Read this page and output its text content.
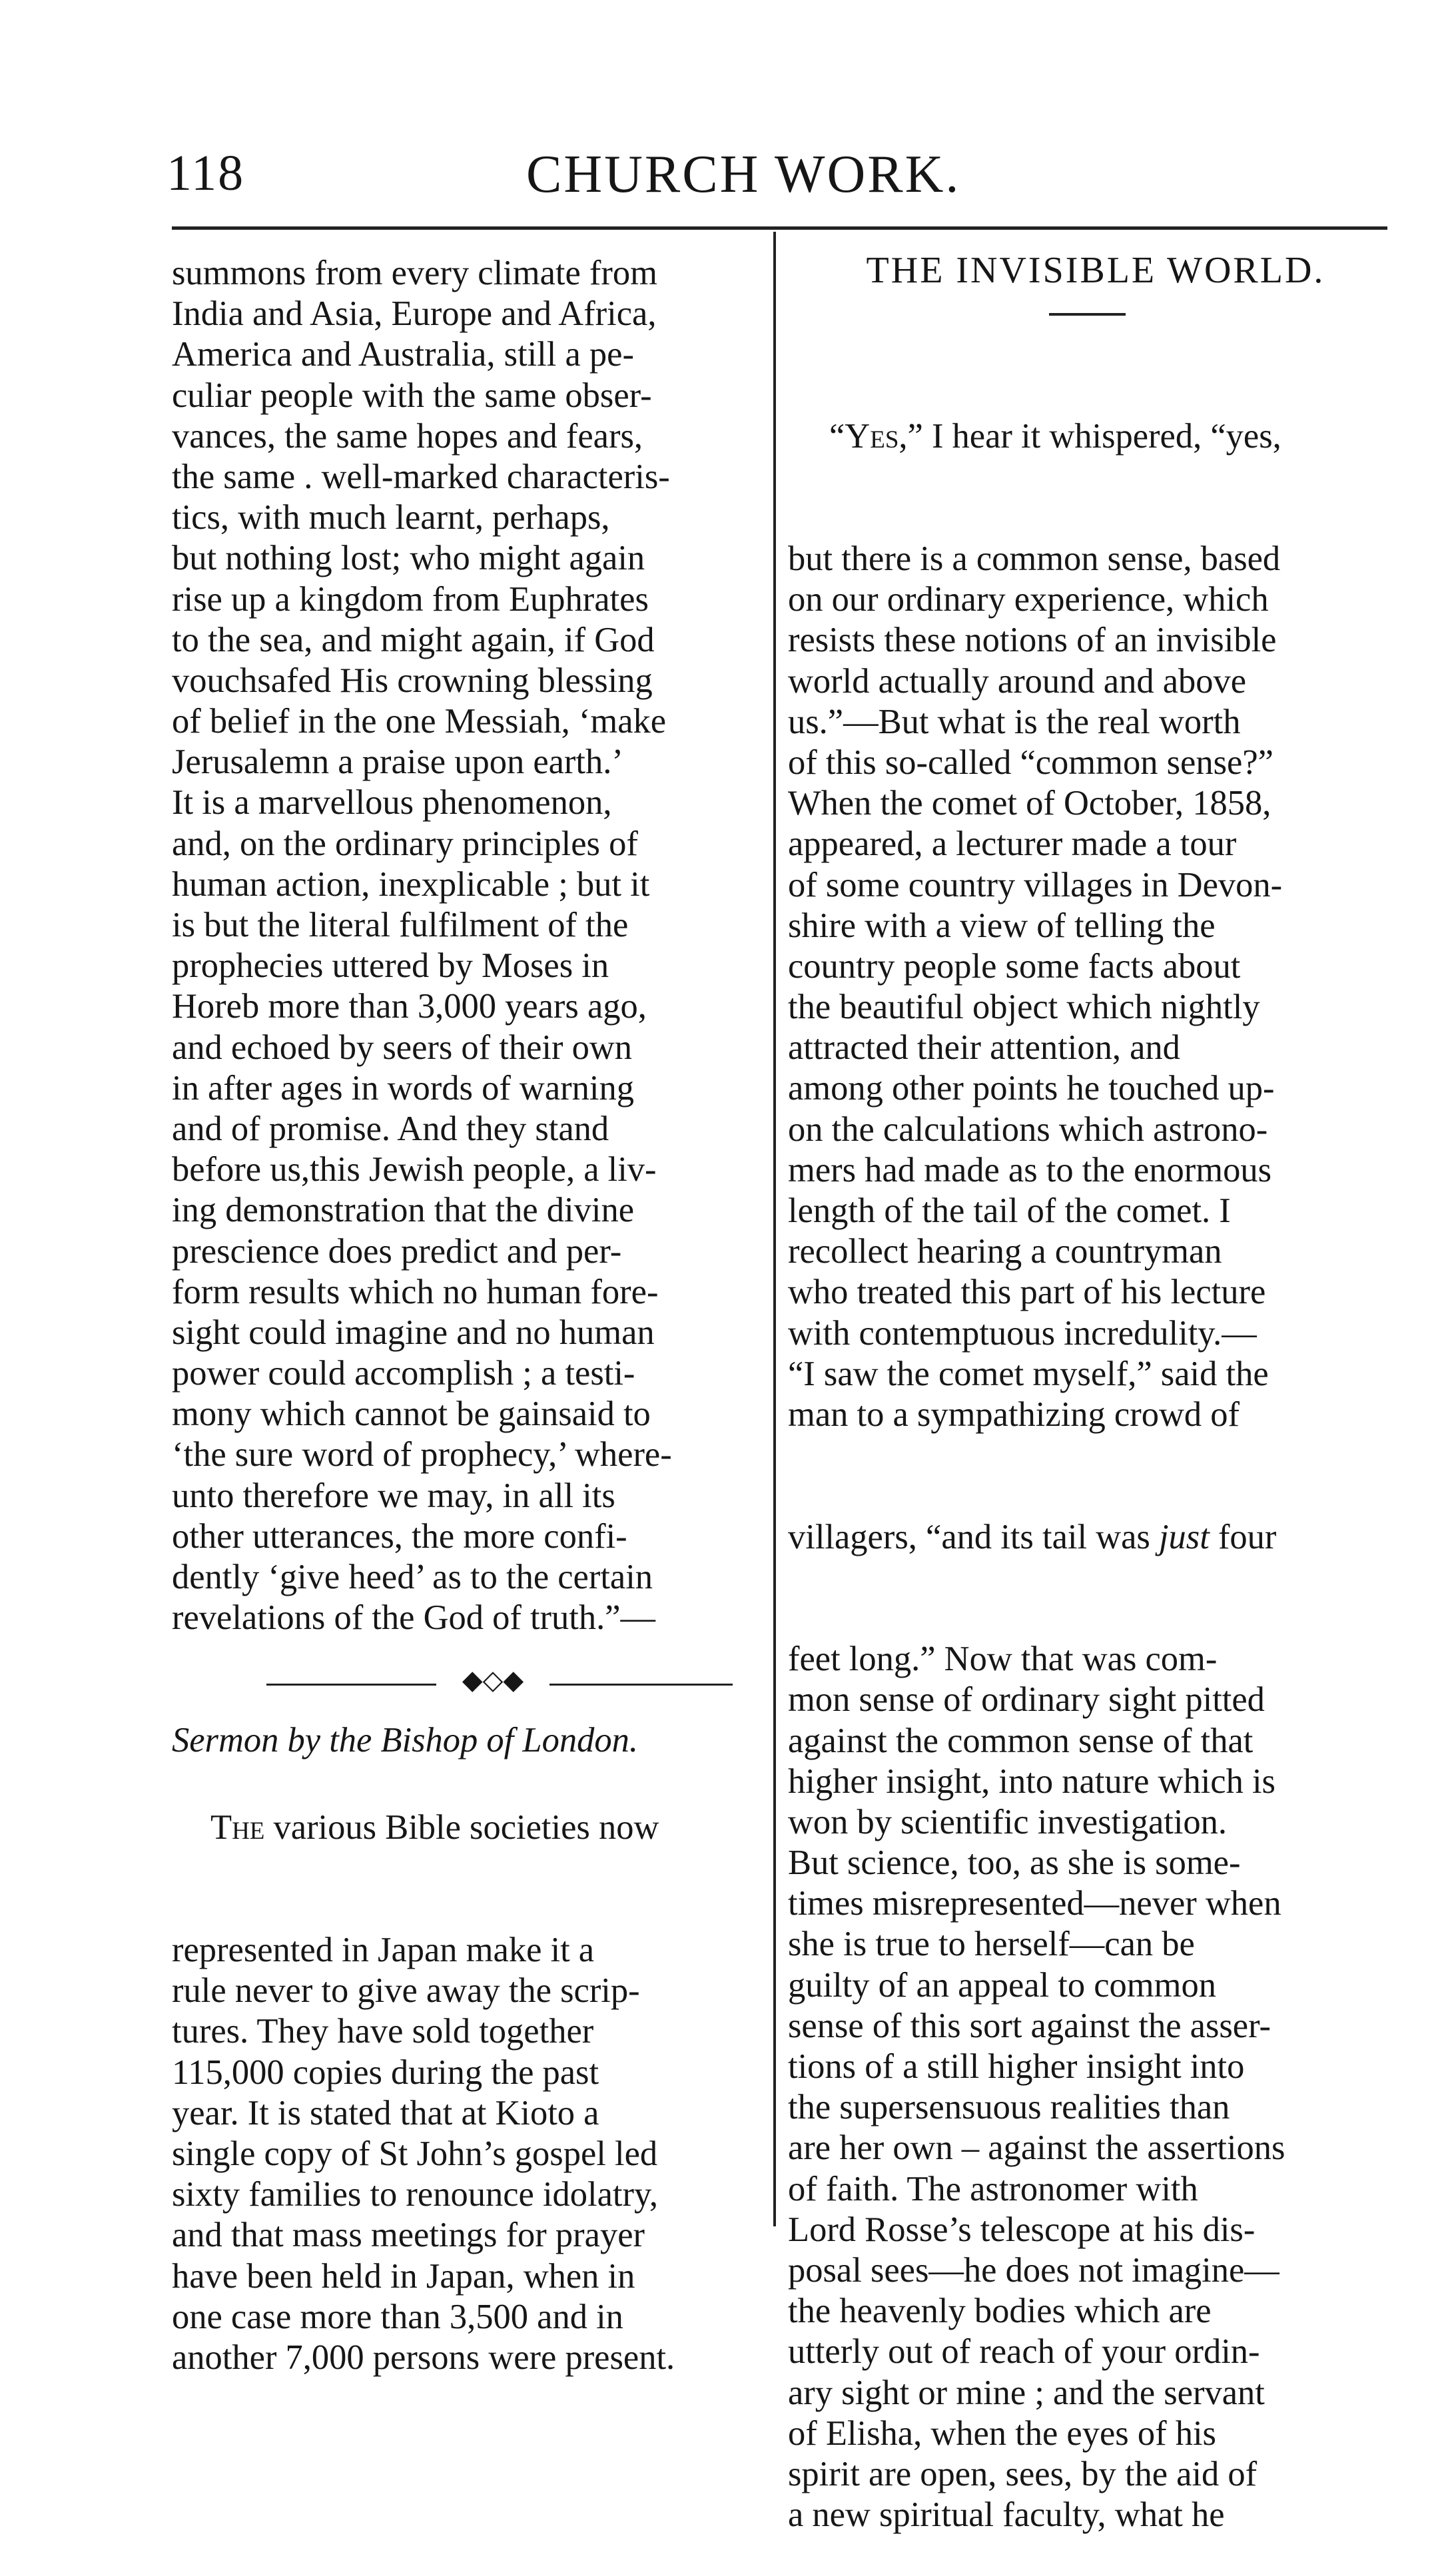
118	CHURCH WORK.
summons from every climate from
India and Asia, Europe and Africa,
America and Australia, still a pe-
culiar people with the same obser-
vances, the same hopes and fears,
the same . well-marked characteris-
tics, with much learnt, perhaps,
but nothing lost; who might again
rise up a kingdom from Euphrates
to the sea, and might again, if God
vouchsafed His crowning blessing
of belief in the one Messiah, ‘make
Jerusalemn a praise upon earth.’
It is a marvellous phenomenon,
and, on the ordinary principles of
human action, inexplicable ; but it
is but the literal fulfilment of the
prophecies uttered by Moses in
Horeb more than 3,000 years ago,
and echoed by seers of their own
in after ages in words of warning
and of promise. And they stand
before us,this Jewish people, a liv-
ing demonstration that the divine
prescience does predict and per-
form results which no human fore-
sight could imagine and no human
power could accomplish ; a testi-
mony which cannot be gainsaid to
‘the sure word of prophecy,’ where-
unto therefore we may, in all its
other utterances, the more confi-
dently ‘give heed’ as to the certain
revelations of the God of truth.”—

Sermon by the Bishop of London.

◆◇◆

The various Bible societies now

represented in Japan make it a
rule never to give away the scrip-
tures. They have sold together
115,000 copies during the past
year. It is stated that at Kioto a
single copy of St John’s gospel led
sixty families to renounce idolatry,
and that mass meetings for prayer
have been held in Japan, when in
one case more than 3,500 and in
another 7,000 persons were present.

THE INVISIBLE WORLD.

“Yes,” I hear it whispered, “yes,

but there is a common sense, based
on our ordinary experience, which
resists these notions of an invisible
world actually around and above
us.”—But what is the real worth
of this so-called “common sense?”
When the comet of October, 1858,
appeared, a lecturer made a tour
of some country villages in Devon-
shire with a view of telling the
country people some facts about
the beautiful object which nightly
attracted their attention, and
among other points he touched up-
on the calculations which astrono-
mers had made as to the enormous
length of the tail of the comet. I
recollect hearing a countryman
who treated this part of his lecture
with contemptuous incredulity.—
“I saw the comet myself,” said the
man to a sympathizing crowd of

villagers, “and its tail was just four

feet long.” Now that was com-
mon sense of ordinary sight pitted
against the common sense of that
higher insight, into nature which is
won by scientific investigation.
But science, too, as she is some-
times misrepresented—never when
she is true to herself—can be
guilty of an appeal to common
sense of this sort against the asser-
tions of a still higher insight into
the supersensuous realities than
are her own – against the assertions
of faith. The astronomer with
Lord Rosse’s telescope at his dis-
posal sees—he does not imagine—
the heavenly bodies which are
utterly out of reach of your ordin-
ary sight or mine ; and the servant
of Elisha, when the eyes of his
spirit are open, sees, by the aid of
a new spiritual faculty, what he
